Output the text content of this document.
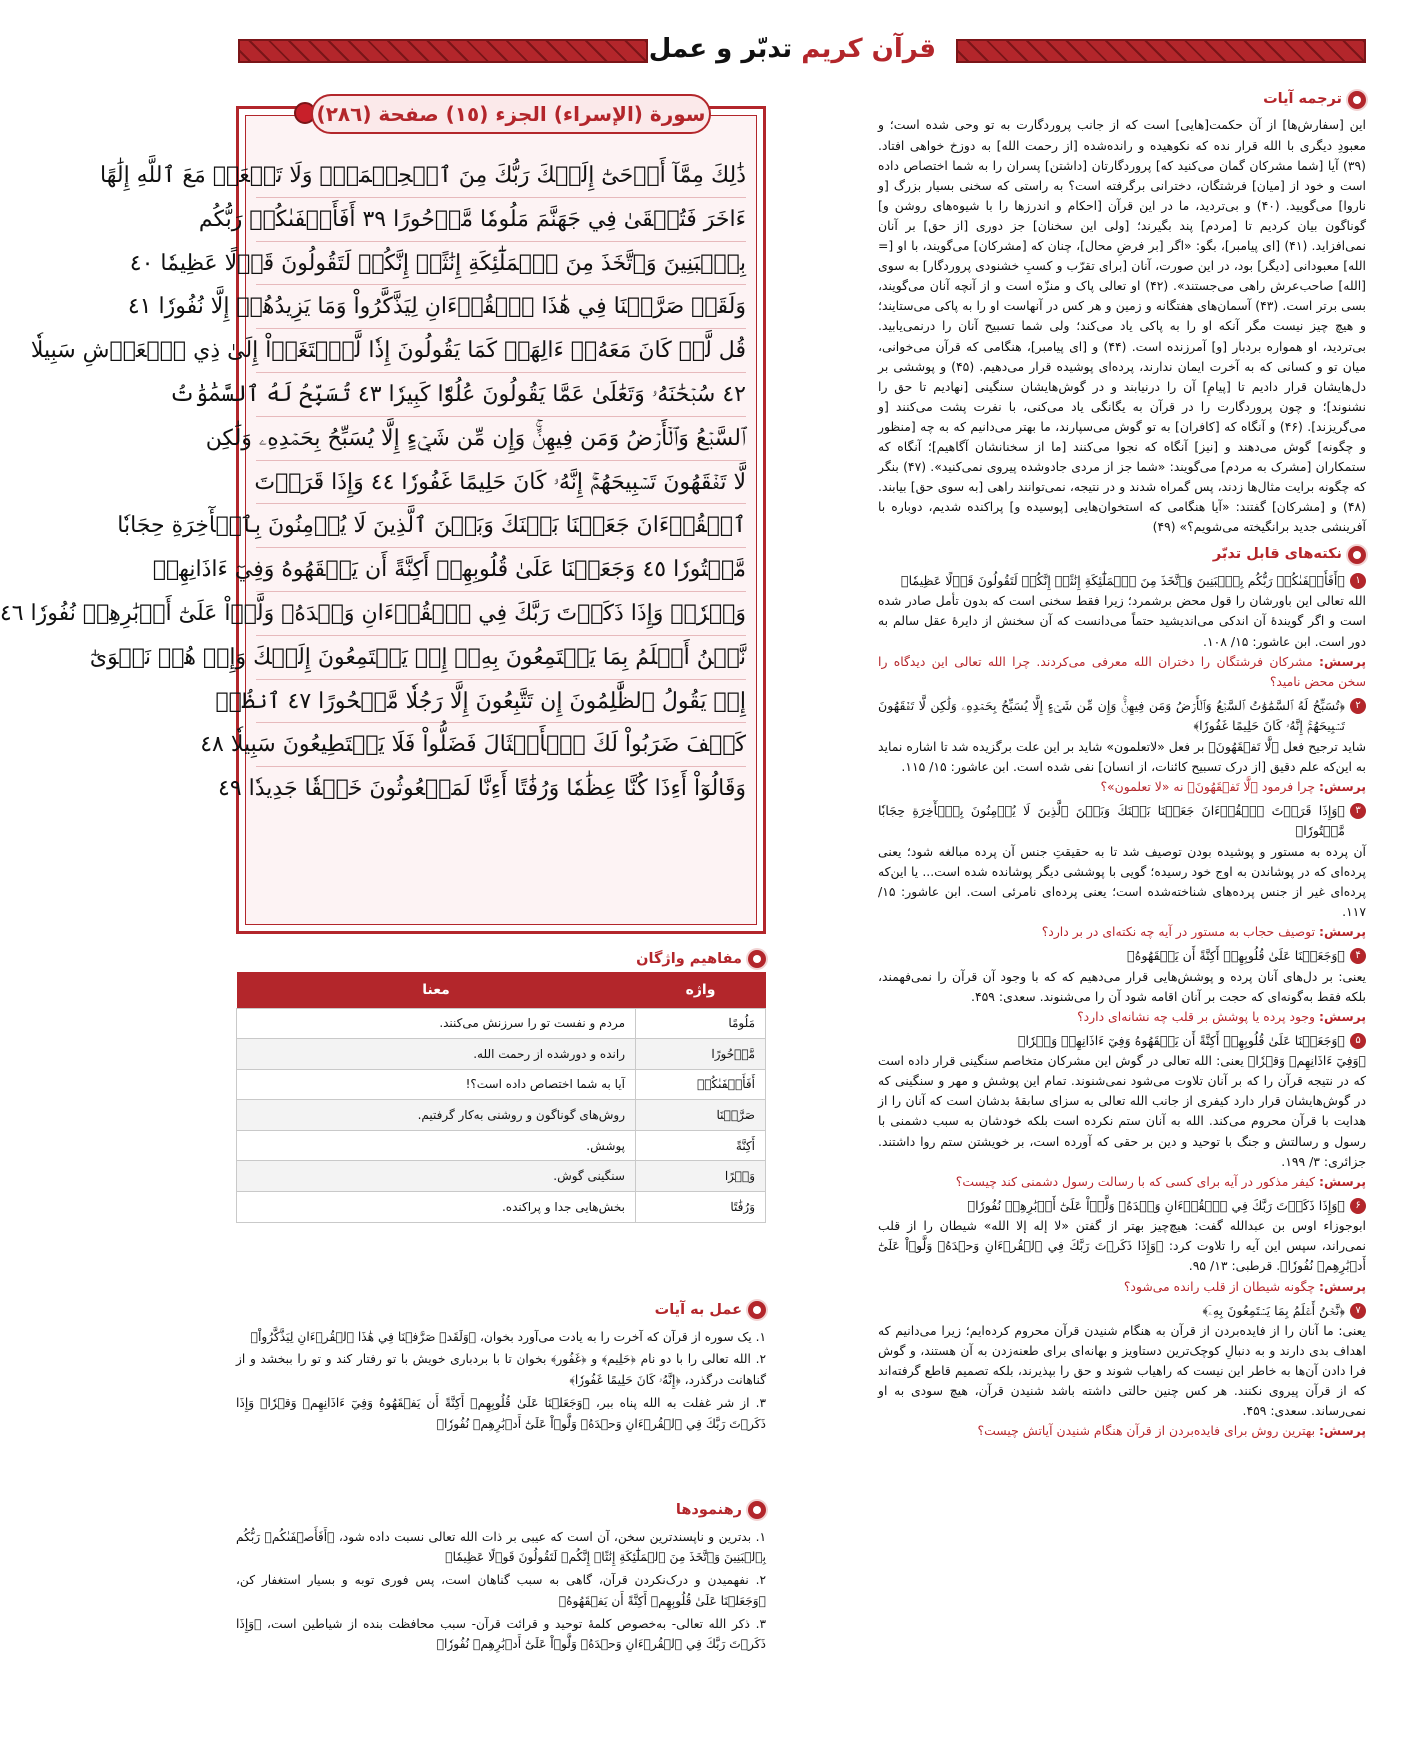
قرآن کریم تدبّر و عمل
ترجمه آیات
این [سفارش‌ها] از آن حکمت[هایی] است که از جانب پروردگارت به تو وحی شده است؛ و معبودِ دیگری با الله قرار نده که نکوهیده و رانده‌شده [از رحمت الله] به دوزخ خواهی افتاد. (۳۹) آیا [شما مشرکان گمان می‌کنید که] پروردگارتان [داشتن] پسران را به شما اختصاص داده است و خود از [میان] فرشتگان، دخترانی برگرفته است؟ به راستی که سخنی بسیار بزرگ [و ناروا] می‌گویید. (۴۰) و بی‌تردید، ما در این قرآن [احکام و اندرزها را با شیوه‌های روشن و] گوناگون بیان کردیم تا [مردم] پند بگیرند؛ [ولی این سخنان] جز دوری [از حق] بر آنان نمی‌افزاید. (۴۱) [ای پیامبر]، بگو: «اگر [بر فرضِ محال]، چنان که [مشرکان] می‌گویند، با او [= الله] معبودانی [دیگر] بود، در این صورت، آنان [برای تقرّب و کسبِ خشنودی پروردگار] به سوی [الله] صاحب‌عرش راهی می‌جستند». (۴۲) او تعالی پاک و منزّه است و از آنچه آنان می‌گویند، بسی برتر است. (۴۳) آسمان‌های هفتگانه و زمین و هر کس در آنهاست او را به پاکی می‌ستایند؛ و هیچ چیز نیست مگر آنکه او را به پاکی یاد می‌کند؛ ولی شما تسبیح آنان را درنمی‌یابید. بی‌تردید، او همواره بردبار [و] آمرزنده است. (۴۴) و [ای پیامبر]، هنگامی که قرآن می‌خوانی، میان تو و کسانی که به آخرت ایمان ندارند، پرده‌ای پوشیده قرار می‌دهیم. (۴۵) و پوششی بر دل‌هایشان قرار دادیم تا [پیامِ] آن را درنیابند و در گوش‌هایشان سنگینی [نهادیم تا حق را نشنوند]؛ و چون پروردگارت را در قرآن به یگانگی یاد می‌کنی، با نفرت پشت می‌کنند [و می‌گریزند]. (۴۶) و آنگاه که [کافران] به تو گوش می‌سپارند، ما بهتر می‌دانیم که به چه [منظور و چگونه] گوش می‌دهند و [نیز] آنگاه که نجوا می‌کنند [ما از سخنانشان آگاهیم]؛ آنگاه که ستمکاران [مشرک به مردم] می‌گویند: «شما جز از مردی جادوشده پیروی نمی‌کنید». (۴۷) بنگر که چگونه برایت مثال‌ها زدند، پس گمراه شدند و در نتیجه، نمی‌توانند راهی [به سوی حق] بیابند. (۴۸) و [مشرکان] گفتند: «آیا هنگامی که استخوان‌هایی [پوسیده و] پراکنده شدیم، دوباره با آفرینشی جدید برانگیخته می‌شویم؟» (۴۹)
نکته‌های قابل تدبّر
۱
﴿أَفَأَصۡفَىٰكُمۡ رَبُّكُم بِٱلۡبَنِينَ وَٱتَّخَذَ مِنَ ٱلۡمَلَٰٓئِكَةِ إِنَٰثًاۚ إِنَّكُمۡ لَتَقُولُونَ قَوۡلًا عَظِيمٗا﴾
الله تعالی این باورشان را قول محض برشمرد؛ زیرا فقط سخنی است که بدون تأمل صادر شده است و اگر گوینده‌ٔ آن اندکی می‌اندیشید حتماً می‌دانست که آن سخنش از دایرهٔ عقل سالم به دور است. ابن عاشور: ۱۵/ ۱۰۸.
پرسش: مشرکان فرشتگان را دختران الله معرفی می‌کردند. چرا الله تعالی این دیدگاه را سخن محض نامید؟
۲
﴿تُسَبِّحُ لَهُ ٱلسَّمَٰوَٰتُ ٱلسَّبۡعُ وَٱلۡأَرۡضُ وَمَن فِيهِنَّۚ وَإِن مِّن شَيۡءٍ إِلَّا يُسَبِّحُ بِحَمۡدِهِۦ وَلَٰكِن لَّا تَفۡقَهُونَ تَسۡبِيحَهُمۡۚ إِنَّهُۥ كَانَ حَلِيمًا غَفُورٗا﴾
شاید ترجیح فعل ﴿لَّا تَفۡقَهُونَ﴾ بر فعل «لاتعلمون» شاید بر این علت برگزیده شد تا اشاره نماید به این‌که علم دقیق [از درک تسبیح کائنات، از انسان] نفی شده است. ابن عاشور: ۱۵/ ۱۱۵.
پرسش: چرا فرمود ﴿لَّا تَفۡقَهُونَ﴾ نه «لا تعلمون»؟
۳
﴿وَإِذَا قَرَأۡتَ ٱلۡقُرۡءَانَ جَعَلۡنَا بَيۡنَكَ وَبَيۡنَ ٱلَّذِينَ لَا يُؤۡمِنُونَ بِٱلۡأٓخِرَةِ حِجَابٗا مَّسۡتُورٗا﴾
آن پرده به مستور و پوشیده بودن توصیف شد تا به حقیقتِ جنس آن پرده مبالغه شود؛ یعنی پرده‌ای که در پوشاندن به اوج خود رسیده؛ گویی با پوششی دیگر پوشانده شده است... یا این‌که پرده‌ای غیر از جنس پرده‌های شناخته‌شده است؛ یعنی پرده‌ای نامرئی است. ابن عاشور: ۱۵/ ۱۱۷.
پرسش: توصیف حجاب به مستور در آیه چه نکته‌ای در بر دارد؟
۴
﴿وَجَعَلۡنَا عَلَىٰ قُلُوبِهِمۡ أَكِنَّةً أَن يَفۡقَهُوهُ﴾
یعنی: بر دل‌های آنان پرده و پوشش‌هایی قرار می‌دهیم که که با وجود آن قرآن را نمی‌فهمند، بلکه فقط به‌گونه‌ای که حجت بر آنان اقامه شود آن را می‌شنوند. سعدی: ۴۵۹.
پرسش: وجود پرده یا پوشش بر قلب چه نشانه‌ای دارد؟
۵
﴿وَجَعَلۡنَا عَلَىٰ قُلُوبِهِمۡ أَكِنَّةً أَن يَفۡقَهُوهُ وَفِيٓ ءَاذَانِهِمۡ وَقۡرٗا﴾
﴿وَفِيٓ ءَاذَانِهِمۡ وَقۡرٗا﴾ یعنی: الله تعالی در گوش این مشرکان متخاصم سنگینی قرار داده است که در نتیجه قرآن را که بر آنان تلاوت می‌شود نمی‌شنوند. تمام این پوشش و مهر و سنگینی که در گوش‌هایشان قرار دارد کیفری از جانب الله تعالی به سزای سابقهٔ بدشان است که آنان را از هدایت با قرآن محروم می‌کند. الله به آنان ستم نکرده است بلکه خودشان به سبب دشمنی با رسول و رسالتش و جنگ با توحید و دین بر حقی که آورده است، بر خویشتن ستم روا داشتند. جزائری: ۳/ ۱۹۹.
پرسش: کیفر مذکور در آیه برای کسی که با رسالت رسول دشمنی کند چیست؟
۶
﴿وَإِذَا ذَكَرۡتَ رَبَّكَ فِي ٱلۡقُرۡءَانِ وَحۡدَهُۥ وَلَّوۡاْ عَلَىٰٓ أَدۡبَٰرِهِمۡ نُفُورٗا﴾
ابوجوزاء اوس بن عبدالله گفت: هیچ‌چیز بهتر از گفتن «لا إله إلا الله» شیطان را از قلب نمی‌راند، سپس این آیه را تلاوت کرد: ﴿وَإِذَا ذَكَرۡتَ رَبَّكَ فِي ٱلۡقُرۡءَانِ وَحۡدَهُۥ وَلَّوۡاْ عَلَىٰٓ أَدۡبَٰرِهِمۡ نُفُورٗا﴾. قرطبی: ۱۳/ ۹۵.
پرسش: چگونه شیطان از قلب رانده می‌شود؟
۷
﴿نَّحۡنُ أَعۡلَمُ بِمَا يَسۡتَمِعُونَ بِهِۦٓ﴾
یعنی: ما آنان را از فایده‌بردن از قرآن به هنگام شنیدن قرآن محروم کرده‌ایم؛ زیرا می‌دانیم که اهداف بدی دارند و به دنبالِ کوچک‌ترین دستاویز و بهانه‌ای برای طعنه‌زدن به آن هستند، و گوش فرا دادن آن‌ها به خاطر این نیست که راهیاب شوند و حق را بپذیرند، بلکه تصمیم قاطع گرفته‌اند که از قرآن پیروی نکنند. هر کس چنین حالتی داشته باشد شنیدن قرآن، هیچ سودی به او نمی‌رساند. سعدی: ۴۵۹.
پرسش: بهترین روش برای فایده‌بردن از قرآن هنگام شنیدن آیاتش چیست؟
سورة (الإسراء) الجزء (١٥) صفحة (٢٨٦)
ذَٰلِكَ مِمَّآ أَوۡحَىٰٓ إِلَيۡكَ رَبُّكَ مِنَ ٱلۡحِكۡمَةِۗ وَلَا تَجۡعَلۡ مَعَ ٱللَّهِ إِلَٰهًا
ءَاخَرَ فَتُلۡقَىٰ فِي جَهَنَّمَ مَلُومٗا مَّدۡحُورًا ٣٩ أَفَأَصۡفَىٰكُمۡ رَبُّكُم
بِٱلۡبَنِينَ وَٱتَّخَذَ مِنَ ٱلۡمَلَٰٓئِكَةِ إِنَٰثًاۚ إِنَّكُمۡ لَتَقُولُونَ قَوۡلًا عَظِيمٗا ٤٠
وَلَقَدۡ صَرَّفۡنَا فِي هَٰذَا ٱلۡقُرۡءَانِ لِيَذَّكَّرُواْ وَمَا يَزِيدُهُمۡ إِلَّا نُفُورٗا ٤١
قُل لَّوۡ كَانَ مَعَهُۥٓ ءَالِهَةٞ كَمَا يَقُولُونَ إِذٗا لَّٱبۡتَغَوۡاْ إِلَىٰ ذِي ٱلۡعَرۡشِ سَبِيلٗا
٤٢ سُبۡحَٰنَهُۥ وَتَعَٰلَىٰ عَمَّا يَقُولُونَ عُلُوّٗا كَبِيرٗا ٤٣ تُسَبِّحُ لَهُ ٱلسَّمَٰوَٰتُ
ٱلسَّبۡعُ وَٱلۡأَرۡضُ وَمَن فِيهِنَّۚ وَإِن مِّن شَيۡءٍ إِلَّا يُسَبِّحُ بِحَمۡدِهِۦ وَلَٰكِن
لَّا تَفۡقَهُونَ تَسۡبِيحَهُمۡۚ إِنَّهُۥ كَانَ حَلِيمًا غَفُورٗا ٤٤ وَإِذَا قَرَأۡتَ
ٱلۡقُرۡءَانَ جَعَلۡنَا بَيۡنَكَ وَبَيۡنَ ٱلَّذِينَ لَا يُؤۡمِنُونَ بِٱلۡأٓخِرَةِ حِجَابٗا
مَّسۡتُورٗا ٤٥ وَجَعَلۡنَا عَلَىٰ قُلُوبِهِمۡ أَكِنَّةً أَن يَفۡقَهُوهُ وَفِيٓ ءَاذَانِهِمۡ
وَقۡرٗاۚ وَإِذَا ذَكَرۡتَ رَبَّكَ فِي ٱلۡقُرۡءَانِ وَحۡدَهُۥ وَلَّوۡاْ عَلَىٰٓ أَدۡبَٰرِهِمۡ نُفُورٗا ٤٦
نَّحۡنُ أَعۡلَمُ بِمَا يَسۡتَمِعُونَ بِهِۦٓ إِذۡ يَسۡتَمِعُونَ إِلَيۡكَ وَإِذۡ هُمۡ نَجۡوَىٰٓ
إِذۡ يَقُولُ ٱلظَّٰلِمُونَ إِن تَتَّبِعُونَ إِلَّا رَجُلٗا مَّسۡحُورًا ٤٧ ٱنظُرۡ
كَيۡفَ ضَرَبُواْ لَكَ ٱلۡأَمۡثَالَ فَضَلُّواْ فَلَا يَسۡتَطِيعُونَ سَبِيلٗا ٤٨
وَقَالُوٓاْ أَءِذَا كُنَّا عِظَٰمٗا وَرُفَٰتًا أَءِنَّا لَمَبۡعُوثُونَ خَلۡقٗا جَدِيدٗا ٤٩
مفاهیم واژگان
واژه	معنا
مَلُومًا	مردم و نفست تو را سرزنش می‌کنند.
مَّدۡحُورًا	رانده و دورشده از رحمت الله.
أَفَأَصۡفَىٰكُمۡ	آیا به شما اختصاص داده است؟!
صَرَّفۡنَا	روش‌های گوناگون و روشنی به‌کار گرفتیم.
أَكِنَّةً	پوشش.
وَقۡرًا	سنگینی گوش.
وَرُفَٰتًا	بخش‌هایی جدا و پراکنده.
عمل به آیات
۱. یک سوره از قرآن که آخرت را به یادت می‌آورد بخوان، ﴿وَلَقَدۡ صَرَّفۡنَا فِي هَٰذَا ٱلۡقُرۡءَانِ لِيَذَّكَّرُواْ﴾
۲. الله تعالی را با دو نام ﴿حَلِيم﴾ و ﴿غَفُور﴾ بخوان تا با بردباری خویش با تو رفتار کند و تو را ببخشد و از گناهانت درگذرد، ﴿إِنَّهُۥ كَانَ حَلِيمًا غَفُورٗا﴾
۳. از شر غفلت به الله پناه ببر، ﴿وَجَعَلۡنَا عَلَىٰ قُلُوبِهِمۡ أَكِنَّةً أَن يَفۡقَهُوهُ وَفِيٓ ءَاذَانِهِمۡ وَقۡرٗاۚ وَإِذَا ذَكَرۡتَ رَبَّكَ فِي ٱلۡقُرۡءَانِ وَحۡدَهُۥ وَلَّوۡاْ عَلَىٰٓ أَدۡبَٰرِهِمۡ نُفُورٗا﴾
رهنمودها
۱. بدترین و ناپسندترین سخن، آن است که عیبی بر ذات الله تعالی نسبت داده شود، ﴿أَفَأَصۡفَىٰكُمۡ رَبُّكُم بِٱلۡبَنِينَ وَٱتَّخَذَ مِنَ ٱلۡمَلَٰٓئِكَةِ إِنَٰثًاۚ إِنَّكُمۡ لَتَقُولُونَ قَوۡلًا عَظِيمٗا﴾
۲. نفهمیدن و درک‌نکردن قرآن، گاهی به سبب گناهان است، پس فوری توبه و بسیار استغفار کن، ﴿وَجَعَلۡنَا عَلَىٰ قُلُوبِهِمۡ أَكِنَّةً أَن يَفۡقَهُوهُ﴾
۳. ذکر الله تعالی- به‌خصوص کلمهٔ توحید و قرائت قرآن- سبب محافظت بنده از شیاطین است، ﴿وَإِذَا ذَكَرۡتَ رَبَّكَ فِي ٱلۡقُرۡءَانِ وَحۡدَهُۥ وَلَّوۡاْ عَلَىٰٓ أَدۡبَٰرِهِمۡ نُفُورٗا﴾
